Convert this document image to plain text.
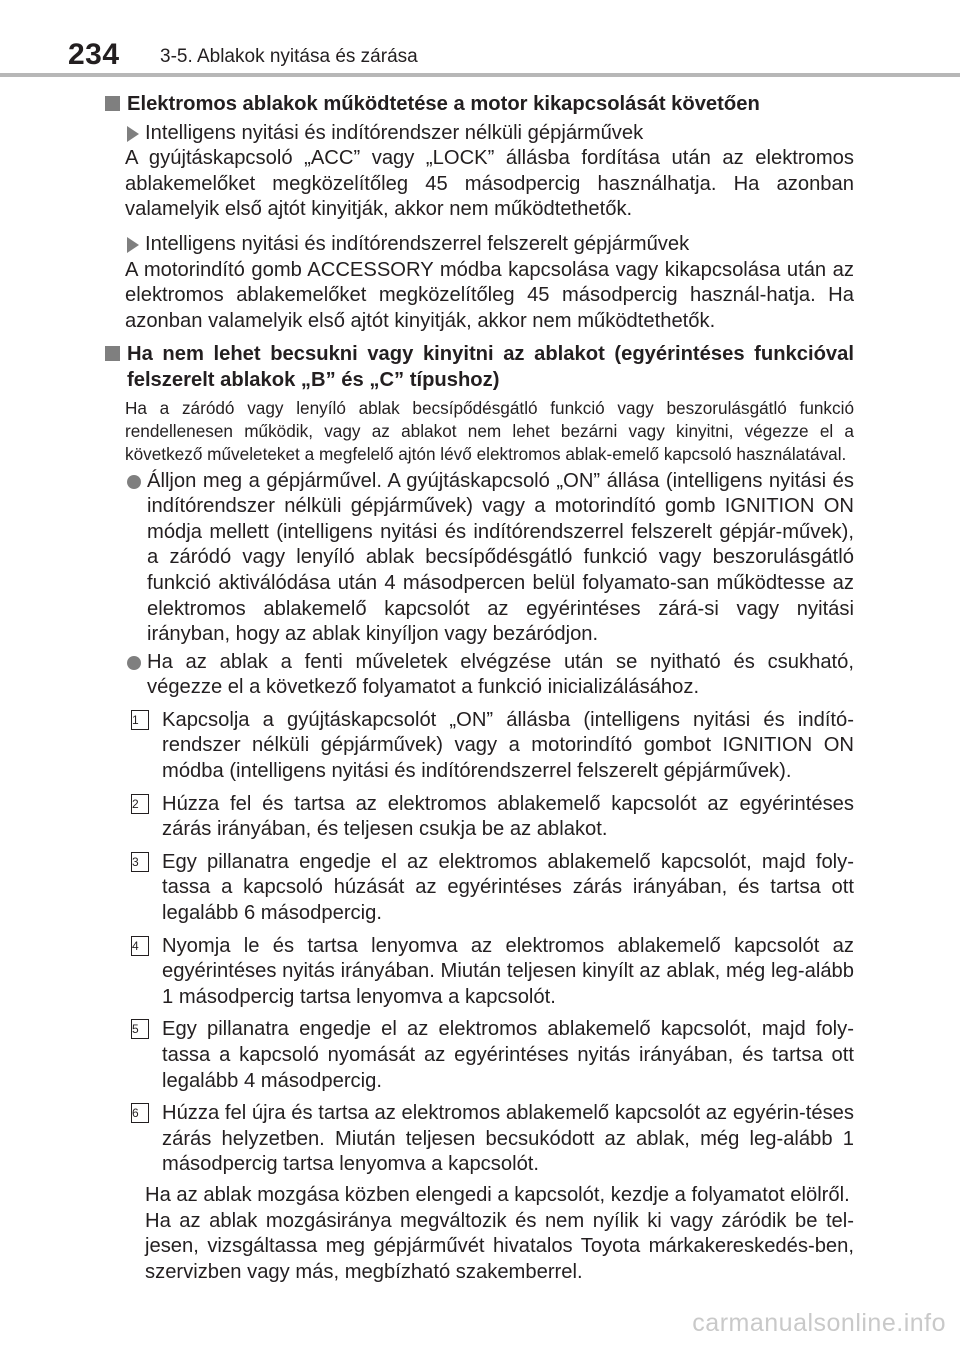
234 3-5. Ablakok nyitása és zárása
Elektromos ablakok működtetése a motor kikapcsolását követően
Intelligens nyitási és indítórendszer nélküli gépjárművek
A gyújtáskapcsoló „ACC” vagy „LOCK” állásba fordítása után az elektromos ablakemelőket megközelítőleg 45 másodpercig használhatja. Ha azonban valamelyik első ajtót kinyitják, akkor nem működtethetők.
Intelligens nyitási és indítórendszerrel felszerelt gépjárművek
A motorindító gomb ACCESSORY módba kapcsolása vagy kikapcsolása után az elektromos ablakemelőket megközelítőleg 45 másodpercig használ-hatja. Ha azonban valamelyik első ajtót kinyitják, akkor nem működtethetők.
Ha nem lehet becsukni vagy kinyitni az ablakot (egyérintéses funkcióval felszerelt ablakok „B” és „C” típushoz)
Ha a záródó vagy lenyíló ablak becsípődésgátló funkció vagy beszorulásgátló funkció rendellenesen működik, vagy az ablakot nem lehet bezárni vagy kinyitni, végezze el a következő műveleteket a megfelelő ajtón lévő elektromos ablak-emelő kapcsoló használatával.
Álljon meg a gépjárművel. A gyújtáskapcsoló „ON” állása (intelligens nyitási és indítórendszer nélküli gépjárművek) vagy a motorindító gomb IGNITION ON módja mellett (intelligens nyitási és indítórendszerrel felszerelt gépjár-művek), a záródó vagy lenyíló ablak becsípődésgátló funkció vagy beszorulásgátló funkció aktiválódása után 4 másodpercen belül folyamato-san működtesse az elektromos ablakemelő kapcsolót az egyérintéses zárá-si vagy nyitási irányban, hogy az ablak kinyíljon vagy bezáródjon.
Ha az ablak a fenti műveletek elvégzése után se nyitható és csukható, végezze el a következő folyamatot a funkció inicializálásához.
1	Kapcsolja a gyújtáskapcsolót „ON” állásba (intelligens nyitási és indító-rendszer nélküli gépjárművek) vagy a motorindító gombot IGNITION ON módba (intelligens nyitási és indítórendszerrel felszerelt gépjárművek).
2	Húzza fel és tartsa az elektromos ablakemelő kapcsolót az egyérintéses zárás irányában, és teljesen csukja be az ablakot.
3	Egy pillanatra engedje el az elektromos ablakemelő kapcsolót, majd foly-tassa a kapcsoló húzását az egyérintéses zárás irányában, és tartsa ott legalább 6 másodpercig.
4	Nyomja le és tartsa lenyomva az elektromos ablakemelő kapcsolót az egyérintéses nyitás irányában. Miután teljesen kinyílt az ablak, még leg-alább 1 másodpercig tartsa lenyomva a kapcsolót.
5	Egy pillanatra engedje el az elektromos ablakemelő kapcsolót, majd foly-tassa a kapcsoló nyomását az egyérintéses nyitás irányában, és tartsa ott legalább 4 másodpercig.
6	Húzza fel újra és tartsa az elektromos ablakemelő kapcsolót az egyérin-téses zárás helyzetben. Miután teljesen becsukódott az ablak, még leg-alább 1 másodpercig tartsa lenyomva a kapcsolót.
Ha az ablak mozgása közben elengedi a kapcsolót, kezdje a folyamatot elölről.
Ha az ablak mozgásiránya megváltozik és nem nyílik ki vagy záródik be tel-jesen, vizsgáltassa meg gépjárművét hivatalos Toyota márkakereskedés-ben, szervizben vagy más, megbízható szakemberrel.
carmanualsonline.info
